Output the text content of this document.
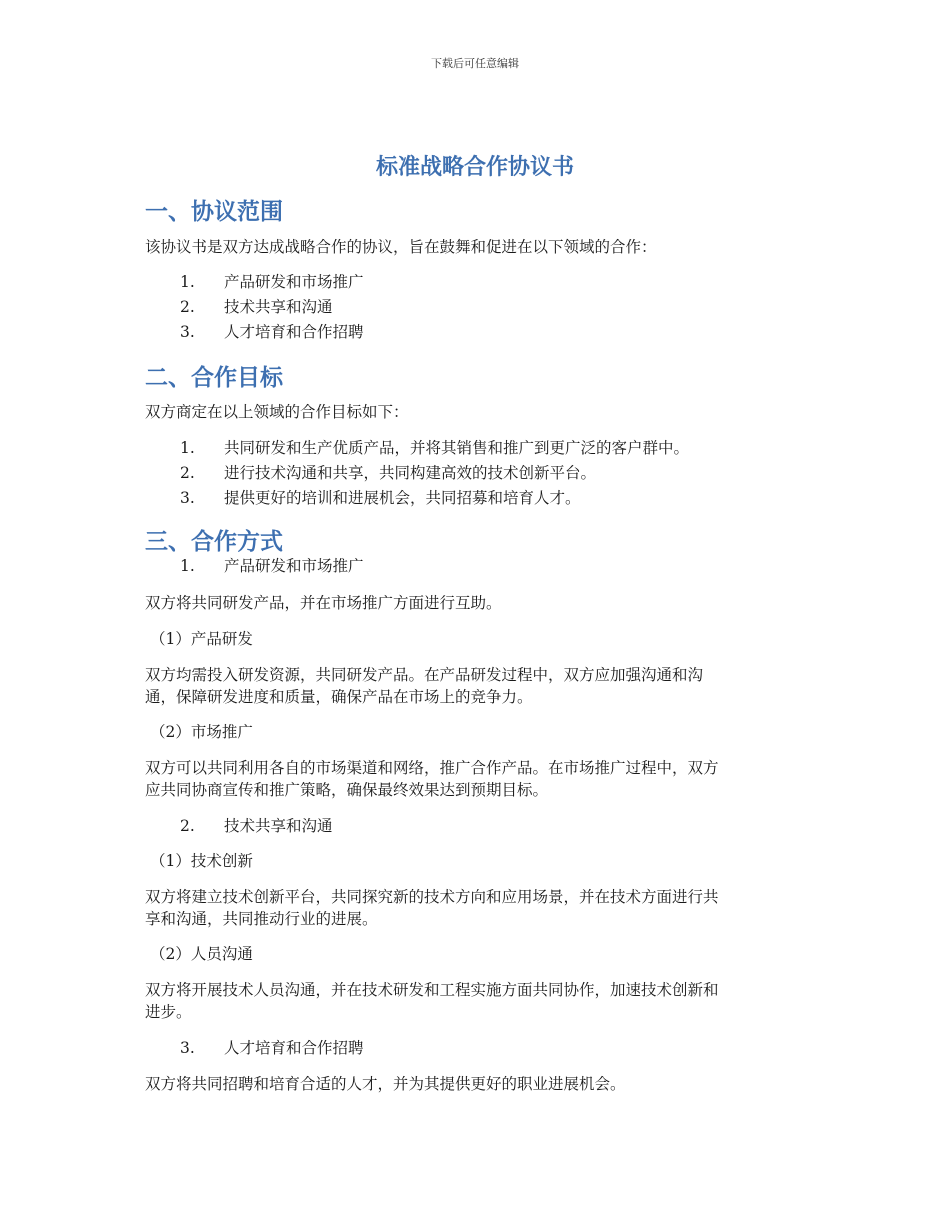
下载后可任意编辑
标准战略合作协议书
一、协议范围
该协议书是双方达成战略合作的协议，旨在鼓舞和促进在以下领域的合作：
1. 产品研发和市场推广
2. 技术共享和沟通
3. 人才培育和合作招聘
二、合作目标
双方商定在以上领域的合作目标如下：
1. 共同研发和生产优质产品，并将其销售和推广到更广泛的客户群中。
2. 进行技术沟通和共享，共同构建高效的技术创新平台。
3. 提供更好的培训和进展机会，共同招募和培育人才。
三、合作方式
1. 产品研发和市场推广
双方将共同研发产品，并在市场推广方面进行互助。
（1）产品研发
双方均需投入研发资源，共同研发产品。在产品研发过程中，双方应加强沟通和沟
通，保障研发进度和质量，确保产品在市场上的竞争力。
（2）市场推广
双方可以共同利用各自的市场渠道和网络，推广合作产品。在市场推广过程中，双方
应共同协商宣传和推广策略，确保最终效果达到预期目标。
2. 技术共享和沟通
（1）技术创新
双方将建立技术创新平台，共同探究新的技术方向和应用场景，并在技术方面进行共
享和沟通，共同推动行业的进展。
（2）人员沟通
双方将开展技术人员沟通，并在技术研发和工程实施方面共同协作，加速技术创新和
进步。
3. 人才培育和合作招聘
双方将共同招聘和培育合适的人才，并为其提供更好的职业进展机会。
